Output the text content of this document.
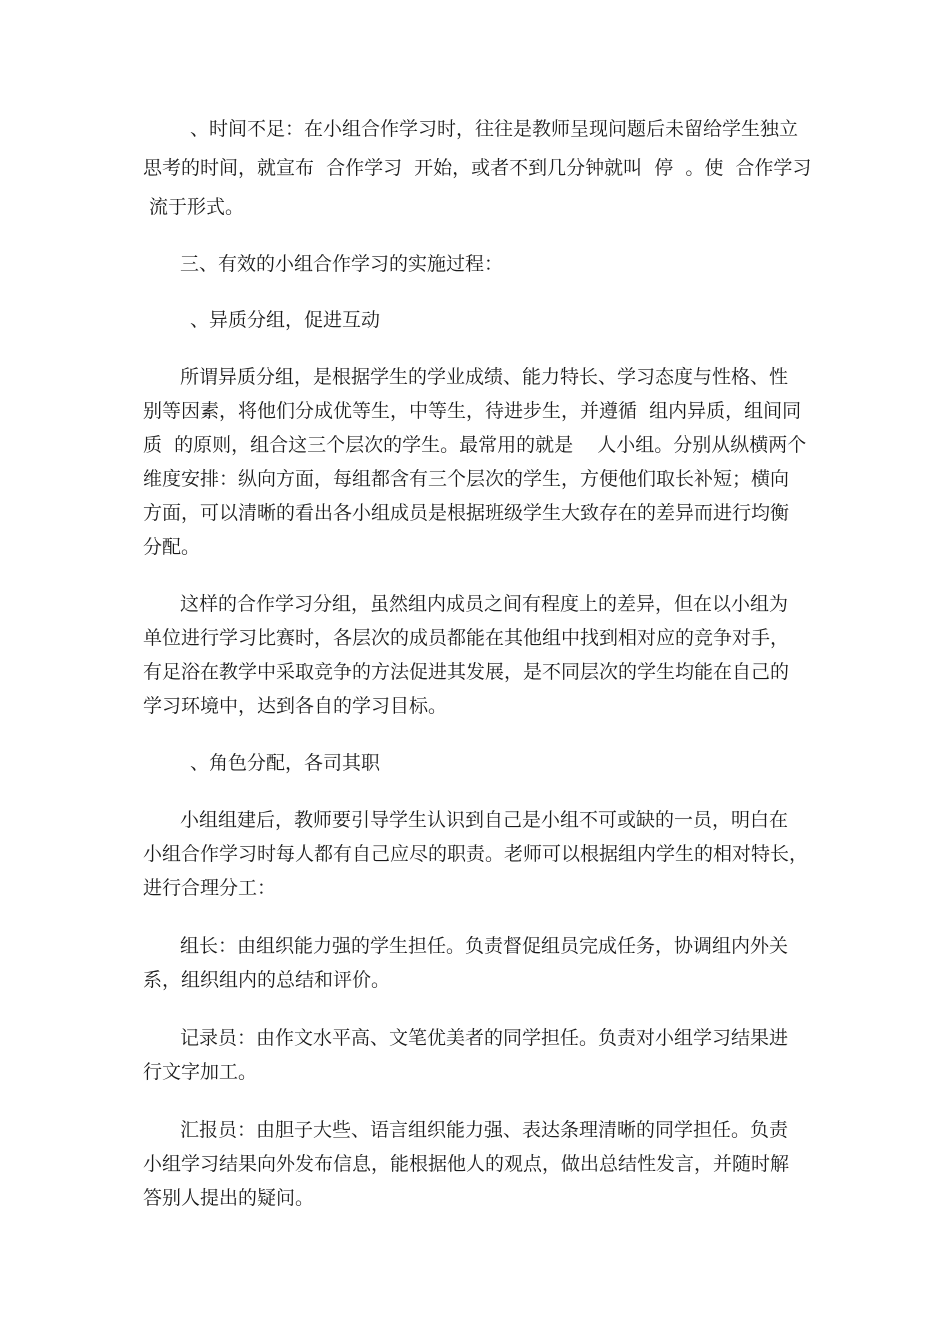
、时间不足：在小组合作学习时，往往是教师呈现问题后未留给学生独立
思考的时间，就宣布  合作学习  开始，或者不到几分钟就叫  停  。使  合作学习
流于形式。
三、有效的小组合作学习的实施过程：
、异质分组，促进互动
所谓异质分组，是根据学生的学业成绩、能力特长、学习态度与性格、性
别等因素，将他们分成优等生，中等生，待进步生，并遵循  组内异质，组间同
质  的原则，组合这三个层次的学生。最常用的就是    人小组。分别从纵横两个
维度安排：纵向方面，每组都含有三个层次的学生，方便他们取长补短；横向
方面，可以清晰的看出各小组成员是根据班级学生大致存在的差异而进行均衡
分配。
这样的合作学习分组，虽然组内成员之间有程度上的差异，但在以小组为
单位进行学习比赛时，各层次的成员都能在其他组中找到相对应的竞争对手，
有足浴在教学中采取竞争的方法促进其发展，是不同层次的学生均能在自己的
学习环境中，达到各自的学习目标。
、角色分配，各司其职
小组组建后，教师要引导学生认识到自己是小组不可或缺的一员，明白在
小组合作学习时每人都有自己应尽的职责。老师可以根据组内学生的相对特长，
进行合理分工：
组长：由组织能力强的学生担任。负责督促组员完成任务，协调组内外关
系，组织组内的总结和评价。
记录员：由作文水平高、文笔优美者的同学担任。负责对小组学习结果进
行文字加工。
汇报员：由胆子大些、语言组织能力强、表达条理清晰的同学担任。负责
小组学习结果向外发布信息，能根据他人的观点，做出总结性发言，并随时解
答别人提出的疑问。
